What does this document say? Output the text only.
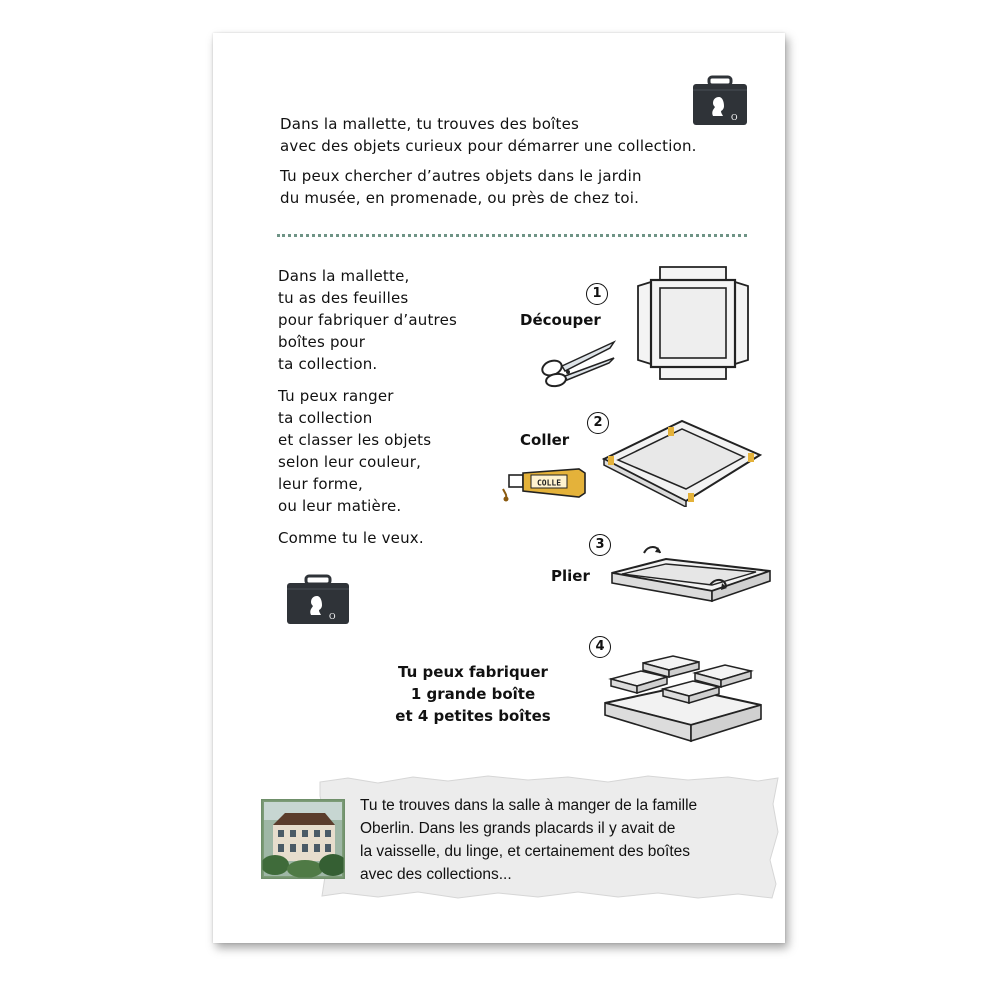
O

Dans la mallette, tu trouves des boîtes

avec des objets curieux pour démarrer une collection.

Tu peux chercher d’autres objets dans le jardin

du musée, en promenade, ou près de chez toi.

Dans la mallette,
tu as des feuilles
pour fabriquer d’autres
boîtes pour
ta collection.

Tu peux ranger
ta collection
et classer les objets
selon leur couleur,
leur forme,
ou leur matière.

Comme tu le veux.

O
1
Découper
2
Coller
COLLE
3
Plier
4
Tu peux fabriquer
1 grande boîte
et 4 petites boîtes
Tu te trouves dans la salle à manger de la famille
Oberlin. Dans les grands placards il y avait de
la vaisselle, du linge, et certainement des boîtes
avec des collections...
